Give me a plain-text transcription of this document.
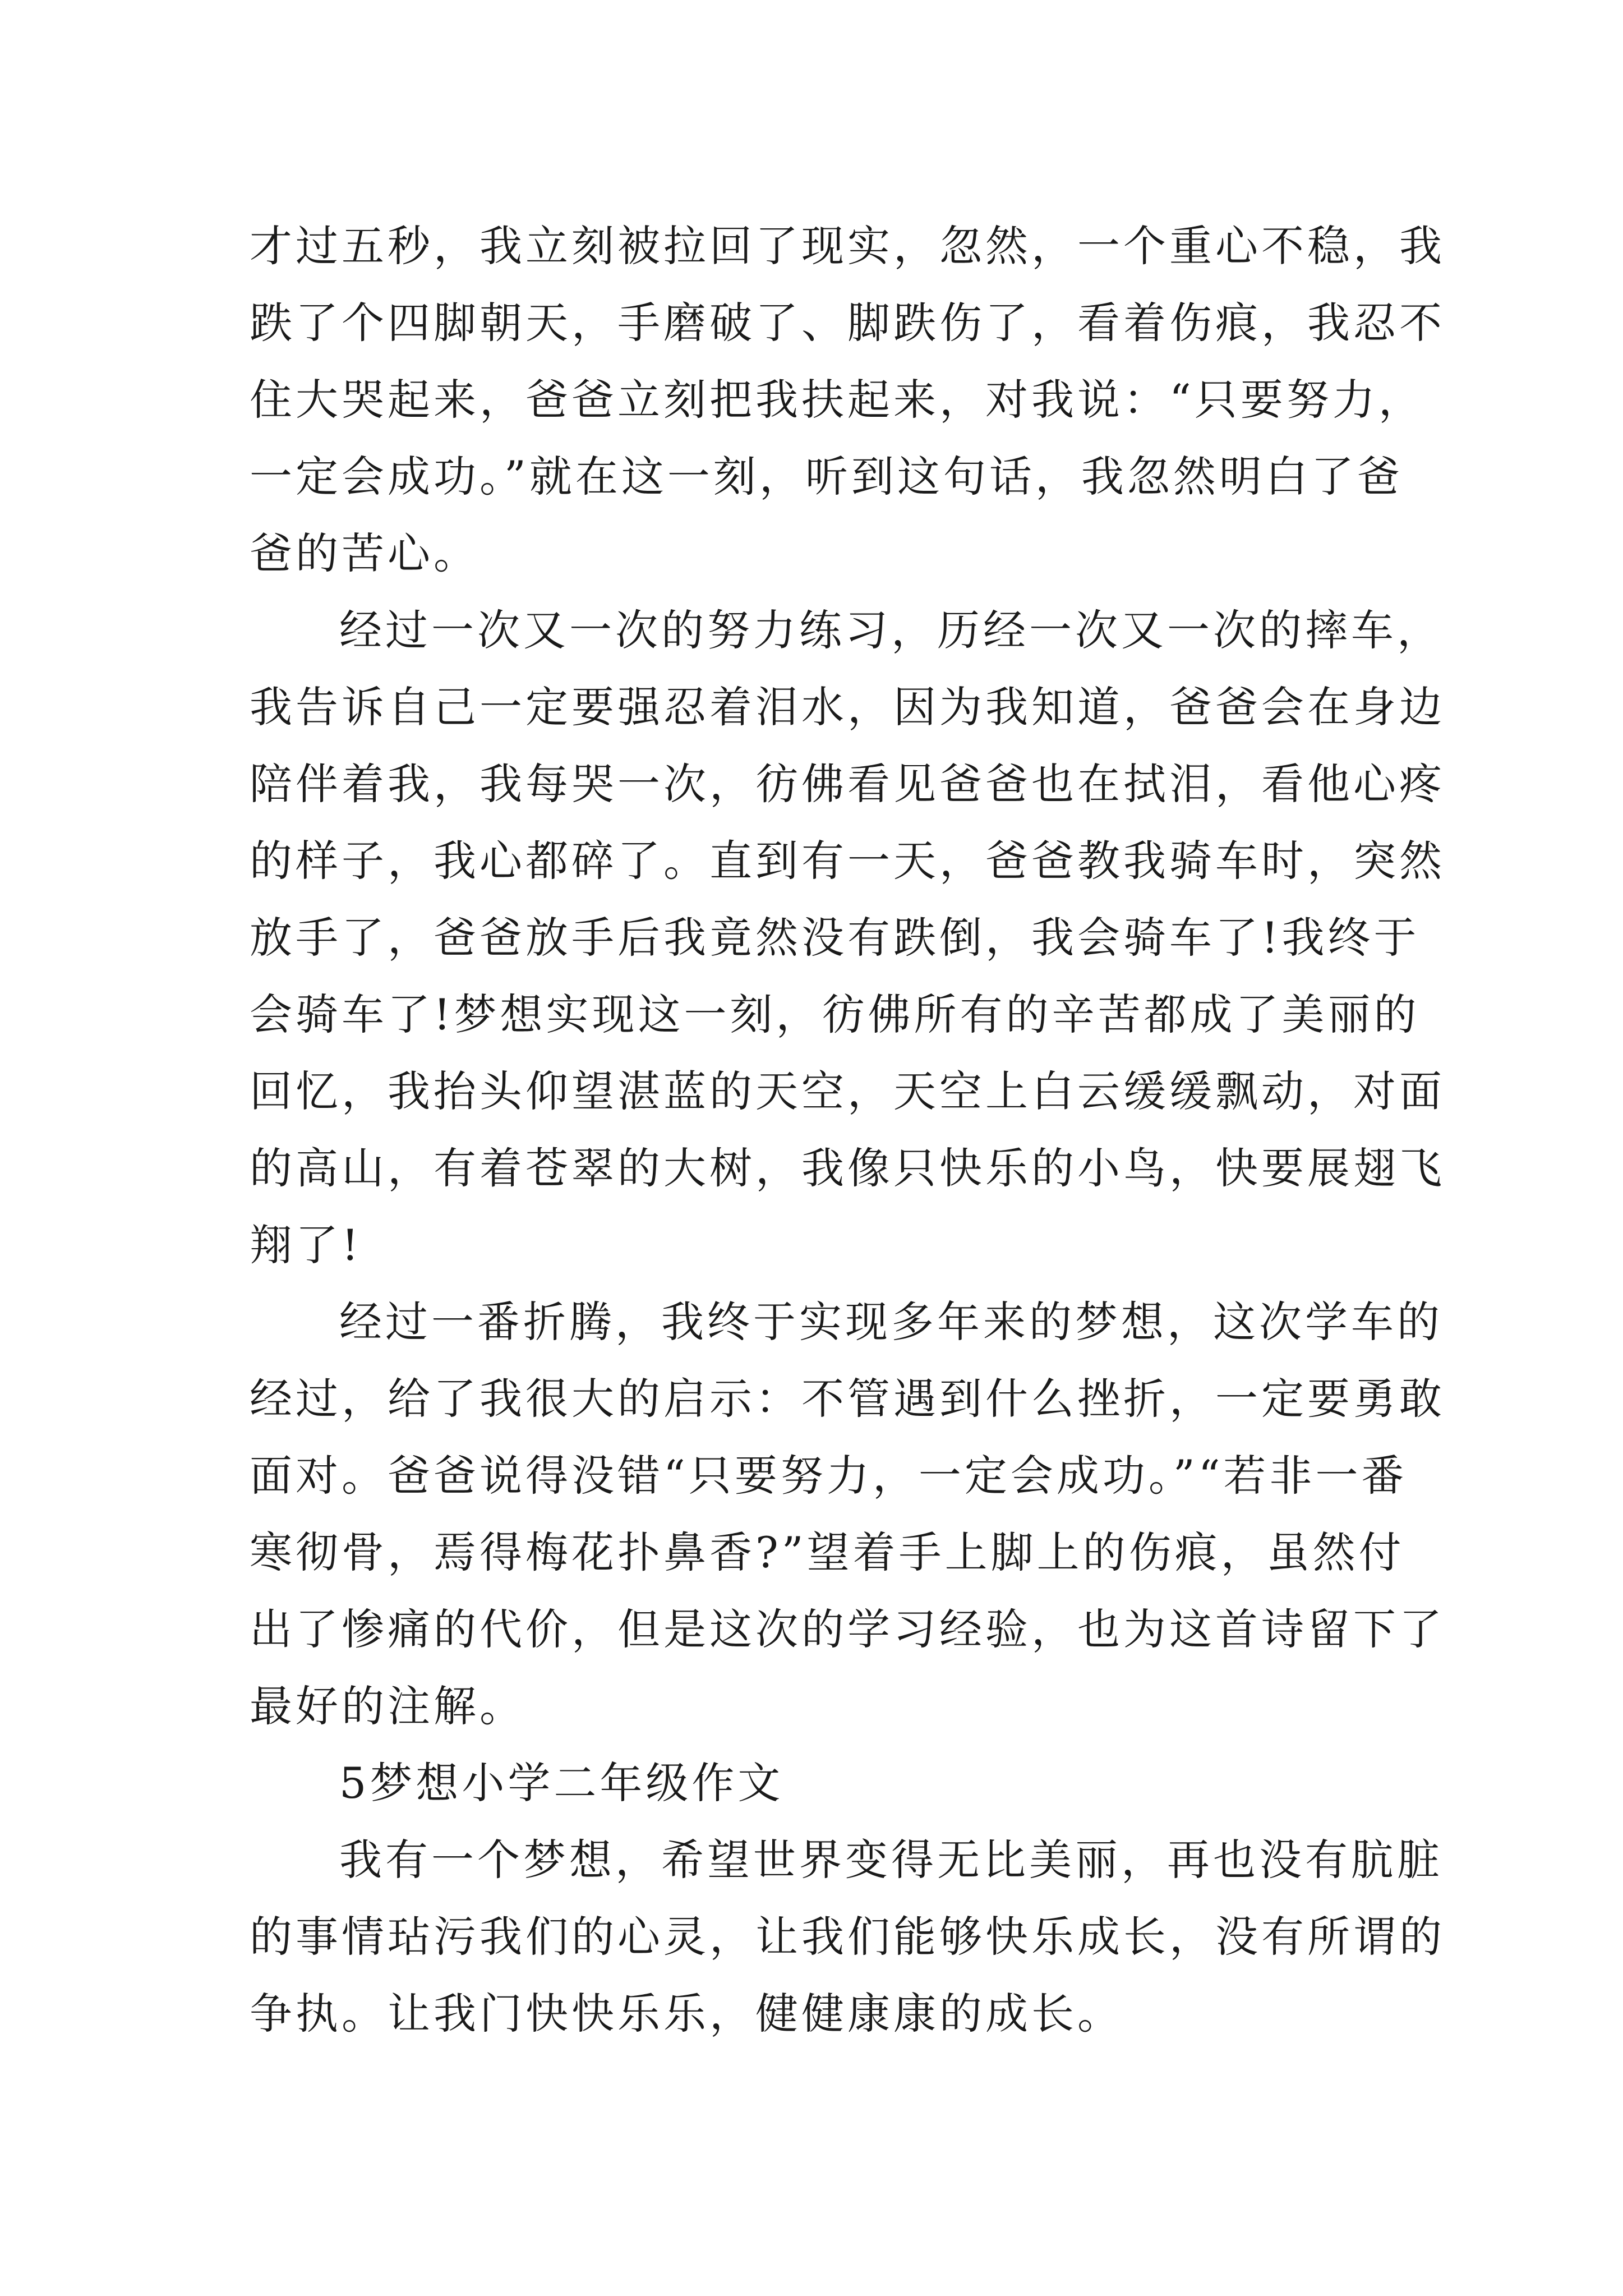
才过五秒，我立刻被拉回了现实，忽然，一个重心不稳，我
跌了个四脚朝天，手磨破了、脚跌伤了，看着伤痕，我忍不
住大哭起来，爸爸立刻把我扶起来，对我说：“只要努力，
一定会成功。”就在这一刻，听到这句话，我忽然明白了爸
爸的苦心。
经过一次又一次的努力练习，历经一次又一次的摔车，
我告诉自己一定要强忍着泪水，因为我知道，爸爸会在身边
陪伴着我，我每哭一次，彷佛看见爸爸也在拭泪，看他心疼
的样子，我心都碎了。直到有一天，爸爸教我骑车时，突然
放手了，爸爸放手后我竟然没有跌倒，我会骑车了!我终于
会骑车了!梦想实现这一刻，彷佛所有的辛苦都成了美丽的
回忆，我抬头仰望湛蓝的天空，天空上白云缓缓飘动，对面
的高山，有着苍翠的大树，我像只快乐的小鸟，快要展翅飞
翔了!
经过一番折腾，我终于实现多年来的梦想，这次学车的
经过，给了我很大的启示：不管遇到什么挫折，一定要勇敢
面对。爸爸说得没错“只要努力，一定会成功。”“若非一番
寒彻骨，焉得梅花扑鼻香?”望着手上脚上的伤痕，虽然付
出了惨痛的代价，但是这次的学习经验，也为这首诗留下了
最好的注解。
5梦想小学二年级作文
我有一个梦想，希望世界变得无比美丽，再也没有肮脏
的事情玷污我们的心灵，让我们能够快乐成长，没有所谓的
争执。让我门快快乐乐，健健康康的成长。
